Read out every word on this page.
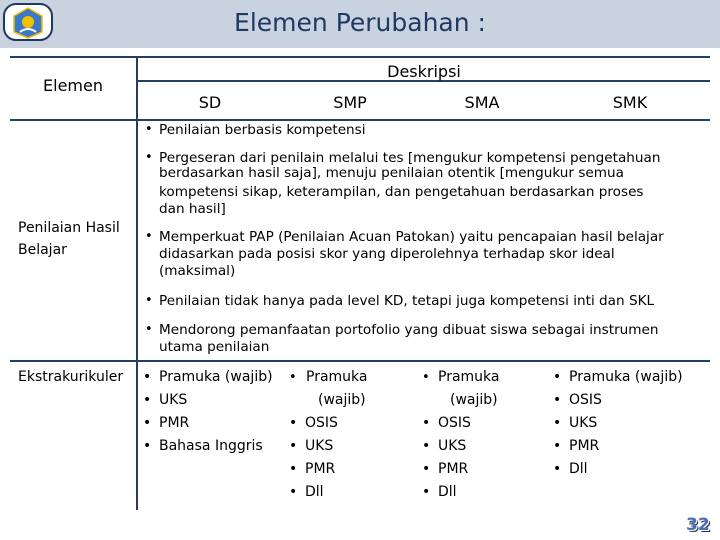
Elemen Perubahan :
Elemen
Deskripsi
SD	SMP	SMA	SMK
Penilaian Hasil
Belajar
• Penilaian berbasis kompetensi
• Pergeseran dari penilain melalui tes [mengukur kompetensi pengetahuan
berdasarkan hasil saja], menuju penilaian otentik [mengukur semua
kompetensi sikap, keterampilan, dan pengetahuan berdasarkan proses
dan hasil]
• Memperkuat PAP (Penilaian Acuan Patokan) yaitu pencapaian hasil belajar
didasarkan pada posisi skor yang diperolehnya terhadap skor ideal
(maksimal)
• Penilaian tidak hanya pada level KD, tetapi juga kompetensi inti dan SKL
• Mendorong pemanfaatan portofolio yang dibuat siswa sebagai instrumen
utama penilaian
Ekstrakurikuler
•	Pramuka (wajib)
• UKS
• PMR
• Bahasa Inggris
• Pramuka
(wajib)
• OSIS
• UKS
• PMR
• Dll
• Pramuka
(wajib)
• OSIS
• UKS
• PMR
• Dll
• Pramuka (wajib)
• OSIS
• UKS
• PMR
• Dll
32
